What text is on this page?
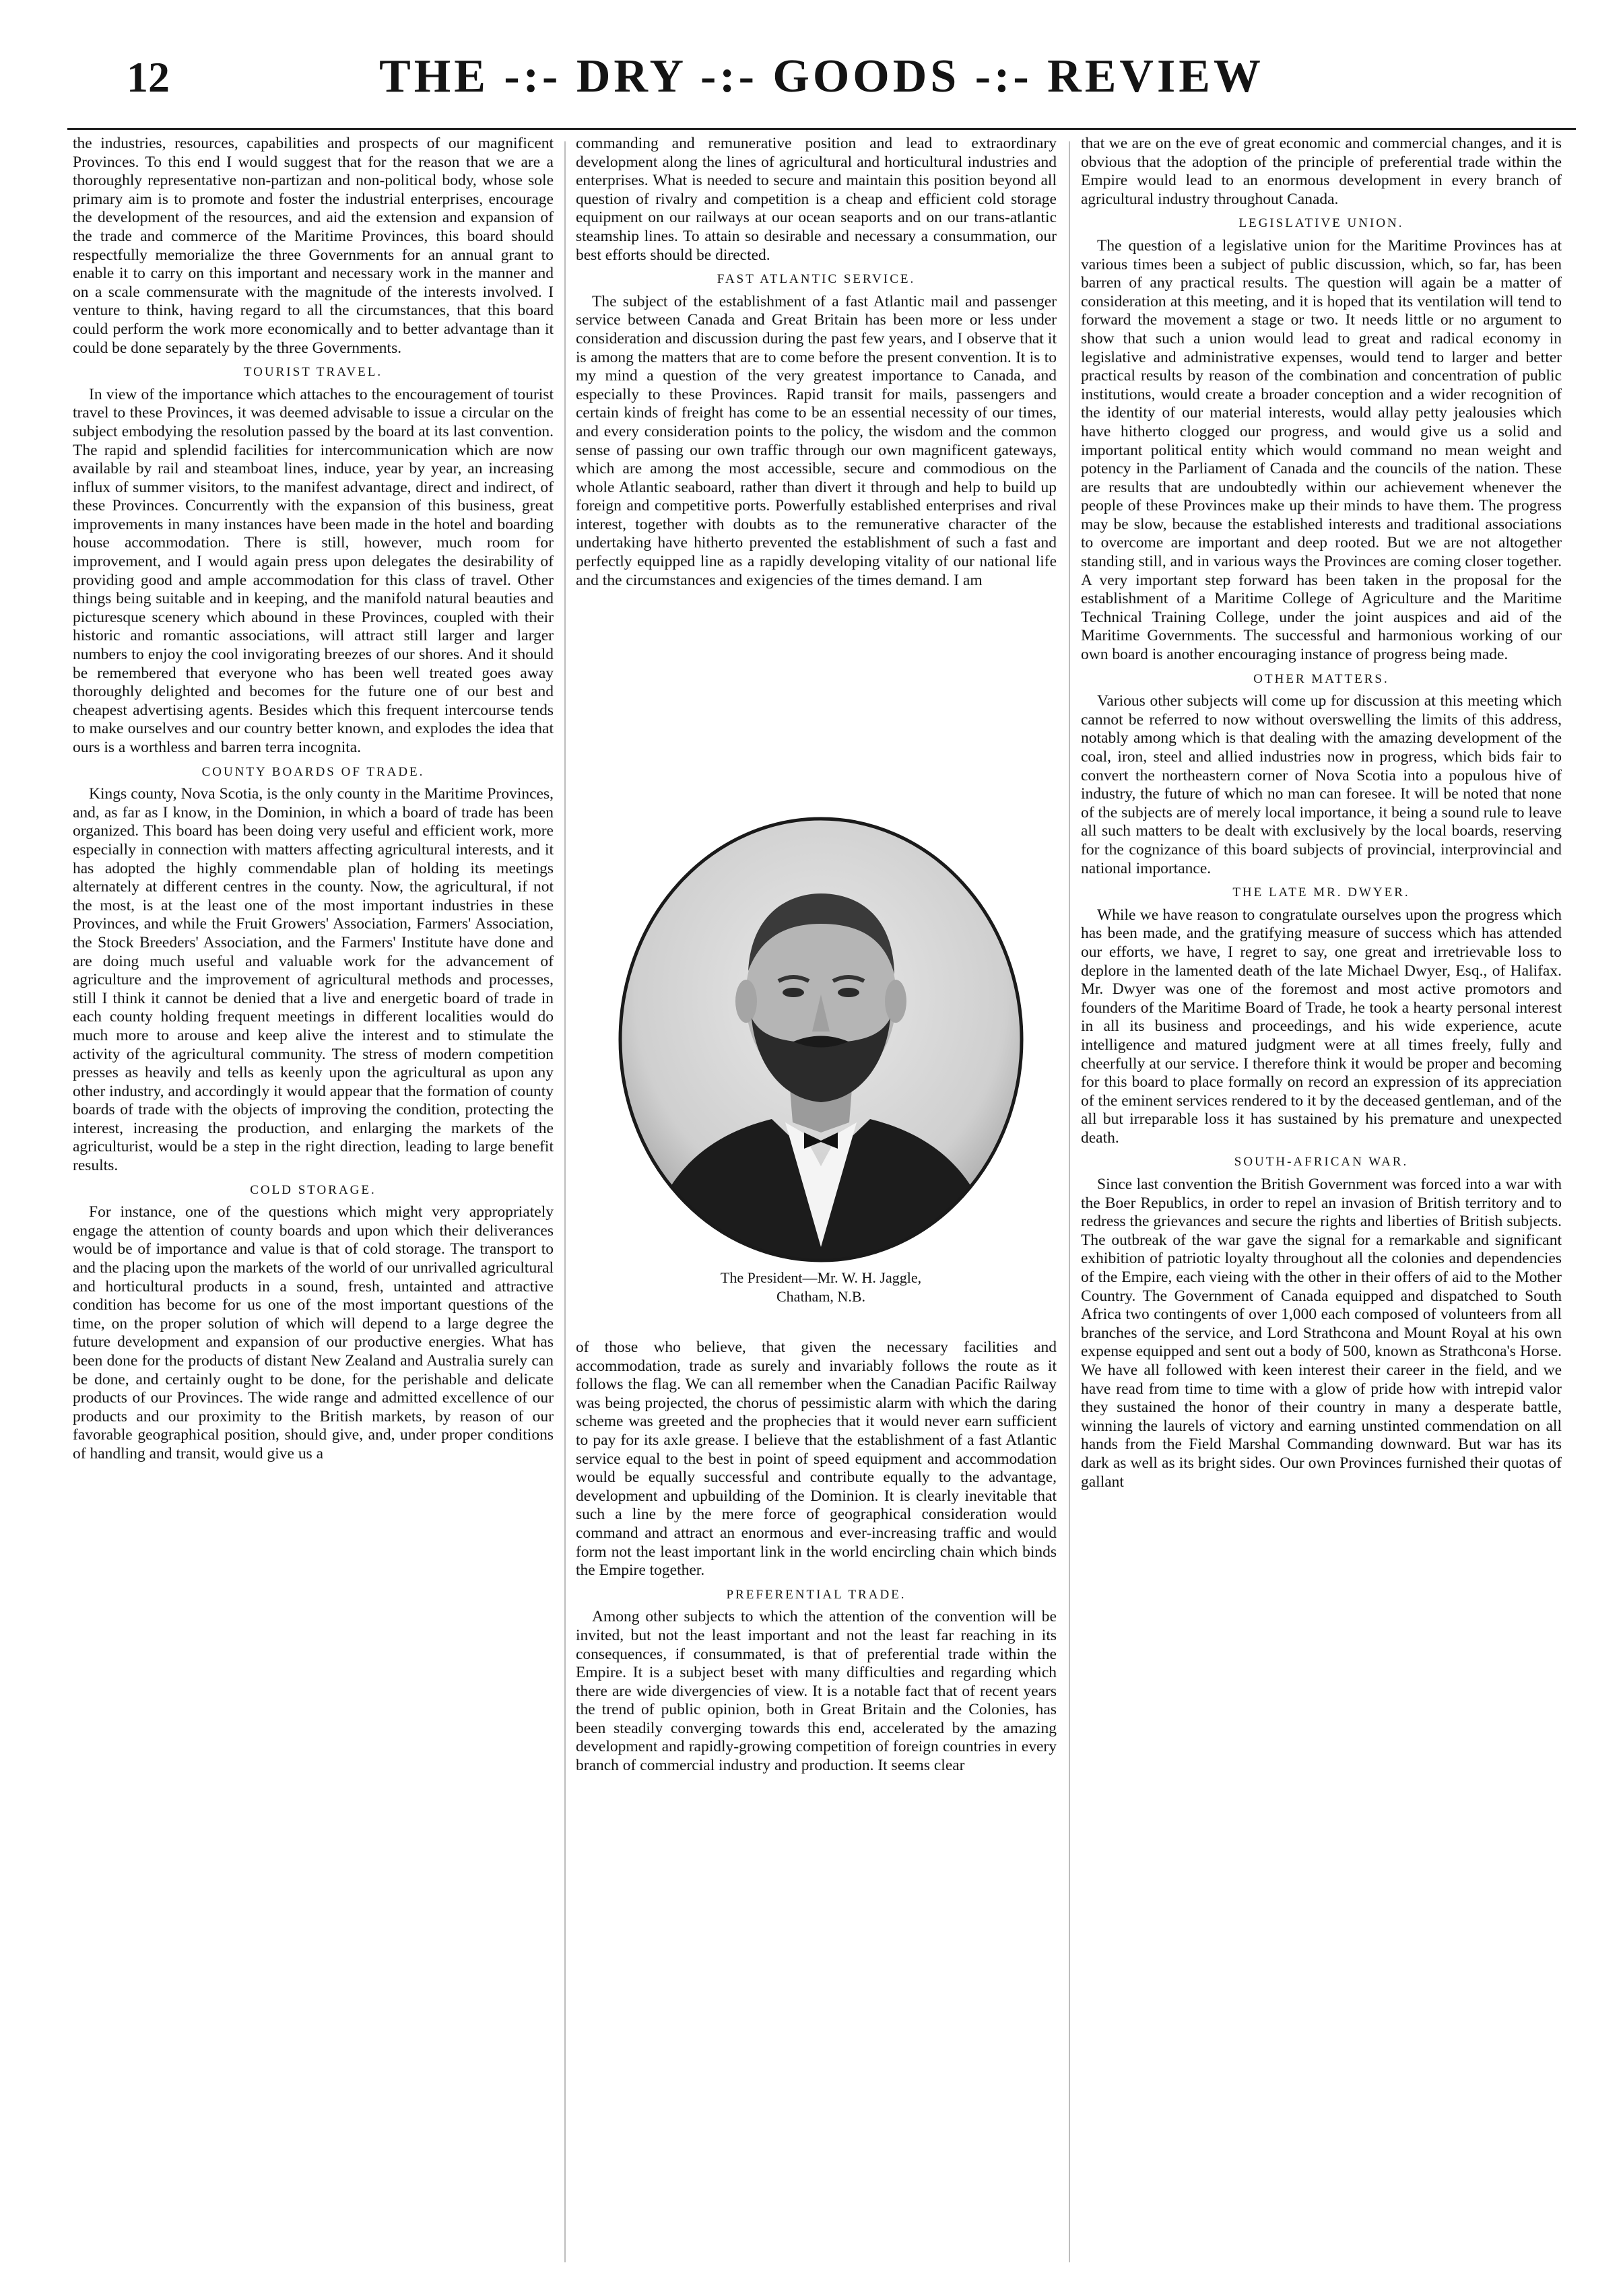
12	THE -:- DRY -:- GOODS -:- REVIEW

the industries, resources, capabilities and prospects of our magnificent Provinces. To this end I would suggest that for the reason that we are a thoroughly representative non-partizan and non-political body, whose sole primary aim is to promote and foster the industrial enterprises, encourage the development of the resources, and aid the extension and expansion of the trade and commerce of the Maritime Provinces, this board should respectfully memorialize the three Governments for an annual grant to enable it to carry on this important and necessary work in the manner and on a scale commensurate with the magnitude of the interests involved. I venture to think, having regard to all the circumstances, that this board could perform the work more economically and to better advantage than it could be done separately by the three Governments.

TOURIST TRAVEL.

In view of the importance which attaches to the encouragement of tourist travel to these Provinces, it was deemed advisable to issue a circular on the subject embodying the resolution passed by the board at its last convention. The rapid and splendid facilities for intercommunication which are now available by rail and steamboat lines, induce, year by year, an increasing influx of summer visitors, to the manifest advantage, direct and indirect, of these Provinces. Concurrently with the expansion of this business, great improvements in many instances have been made in the hotel and boarding house accommodation. There is still, however, much room for improvement, and I would again press upon delegates the desirability of providing good and ample accommodation for this class of travel. Other things being suitable and in keeping, and the manifold natural beauties and picturesque scenery which abound in these Provinces, coupled with their historic and romantic associations, will attract still larger and larger numbers to enjoy the cool invigorating breezes of our shores. And it should be remembered that everyone who has been well treated goes away thoroughly delighted and becomes for the future one of our best and cheapest advertising agents. Besides which this frequent intercourse tends to make ourselves and our country better known, and explodes the idea that ours is a worthless and barren terra incognita.

COUNTY BOARDS OF TRADE.

Kings county, Nova Scotia, is the only county in the Maritime Provinces, and, as far as I know, in the Dominion, in which a board of trade has been organized. This board has been doing very useful and efficient work, more especially in connection with matters affecting agricultural interests, and it has adopted the highly commendable plan of holding its meetings alternately at different centres in the county. Now, the agricultural, if not the most, is at the least one of the most important industries in these Provinces, and while the Fruit Growers' Association, Farmers' Association, the Stock Breeders' Association, and the Farmers' Institute have done and are doing much useful and valuable work for the advancement of agriculture and the improvement of agricultural methods and processes, still I think it cannot be denied that a live and energetic board of trade in each county holding frequent meetings in different localities would do much more to arouse and keep alive the interest and to stimulate the activity of the agricultural community. The stress of modern competition presses as heavily and tells as keenly upon the agricultural as upon any other industry, and accordingly it would appear that the formation of county boards of trade with the objects of improving the condition, protecting the interest, increasing the production, and enlarging the markets of the agriculturist, would be a step in the right direction, leading to large benefit results.

COLD STORAGE.

For instance, one of the questions which might very appropriately engage the attention of county boards and upon which their deliverances would be of importance and value is that of cold storage. The transport to and the placing upon the markets of the world of our unrivalled agricultural and horticultural products in a sound, fresh, untainted and attractive condition has become for us one of the most important questions of the time, on the proper solution of which will depend to a large degree the future development and expansion of our productive energies. What has been done for the products of distant New Zealand and Australia surely can be done, and certainly ought to be done, for the perishable and delicate products of our Provinces. The wide range and admitted excellence of our products and our proximity to the British markets, by reason of our favorable geographical position, should give, and, under proper conditions of handling and transit, would give us a

commanding and remunerative position and lead to extraordinary development along the lines of agricultural and horticultural industries and enterprises. What is needed to secure and maintain this position beyond all question of rivalry and competition is a cheap and efficient cold storage equipment on our railways at our ocean seaports and on our trans-atlantic steamship lines. To attain so desirable and necessary a consummation, our best efforts should be directed.

FAST ATLANTIC SERVICE.

The subject of the establishment of a fast Atlantic mail and passenger service between Canada and Great Britain has been more or less under consideration and discussion during the past few years, and I observe that it is among the matters that are to come before the present convention. It is to my mind a question of the very greatest importance to Canada, and especially to these Provinces. Rapid transit for mails, passengers and certain kinds of freight has come to be an essential necessity of our times, and every consideration points to the policy, the wisdom and the common sense of passing our own traffic through our own magnificent gateways, which are among the most accessible, secure and commodious on the whole Atlantic seaboard, rather than divert it through and help to build up foreign and competitive ports. Powerfully established enterprises and rival interest, together with doubts as to the remunerative character of the undertaking have hitherto prevented the establishment of such a fast and perfectly equipped line as a rapidly developing vitality of our national life and the circumstances and exigencies of the times demand. I am

The President—Mr. W. H. Jaggle,
Chatham, N.B.

of those who believe, that given the necessary facilities and accommodation, trade as surely and invariably follows the route as it follows the flag. We can all remember when the Canadian Pacific Railway was being projected, the chorus of pessimistic alarm with which the daring scheme was greeted and the prophecies that it would never earn sufficient to pay for its axle grease. I believe that the establishment of a fast Atlantic service equal to the best in point of speed equipment and accommodation would be equally successful and contribute equally to the advantage, development and upbuilding of the Dominion. It is clearly inevitable that such a line by the mere force of geographical consideration would command and attract an enormous and ever-increasing traffic and would form not the least important link in the world encircling chain which binds the Empire together.

PREFERENTIAL TRADE.

Among other subjects to which the attention of the convention will be invited, but not the least important and not the least far reaching in its consequences, if consummated, is that of preferential trade within the Empire. It is a subject beset with many difficulties and regarding which there are wide divergencies of view. It is a notable fact that of recent years the trend of public opinion, both in Great Britain and the Colonies, has been steadily converging towards this end, accelerated by the amazing development and rapidly-growing competition of foreign countries in every branch of commercial industry and production. It seems clear

that we are on the eve of great economic and commercial changes, and it is obvious that the adoption of the principle of preferential trade within the Empire would lead to an enormous development in every branch of agricultural industry throughout Canada.

LEGISLATIVE UNION.

The question of a legislative union for the Maritime Provinces has at various times been a subject of public discussion, which, so far, has been barren of any practical results. The question will again be a matter of consideration at this meeting, and it is hoped that its ventilation will tend to forward the movement a stage or two. It needs little or no argument to show that such a union would lead to great and radical economy in legislative and administrative expenses, would tend to larger and better practical results by reason of the combination and concentration of public institutions, would create a broader conception and a wider recognition of the identity of our material interests, would allay petty jealousies which have hitherto clogged our progress, and would give us a solid and important political entity which would command no mean weight and potency in the Parliament of Canada and the councils of the nation. These are results that are undoubtedly within our achievement whenever the people of these Provinces make up their minds to have them. The progress may be slow, because the established interests and traditional associations to overcome are important and deep rooted. But we are not altogether standing still, and in various ways the Provinces are coming closer together. A very important step forward has been taken in the proposal for the establishment of a Maritime College of Agriculture and the Maritime Technical Training College, under the joint auspices and aid of the Maritime Governments. The successful and harmonious working of our own board is another encouraging instance of progress being made.

OTHER MATTERS.

Various other subjects will come up for discussion at this meeting which cannot be referred to now without overswelling the limits of this address, notably among which is that dealing with the amazing development of the coal, iron, steel and allied industries now in progress, which bids fair to convert the northeastern corner of Nova Scotia into a populous hive of industry, the future of which no man can foresee. It will be noted that none of the subjects are of merely local importance, it being a sound rule to leave all such matters to be dealt with exclusively by the local boards, reserving for the cognizance of this board subjects of provincial, interprovincial and national importance.

THE LATE MR. DWYER.

While we have reason to congratulate ourselves upon the progress which has been made, and the gratifying measure of success which has attended our efforts, we have, I regret to say, one great and irretrievable loss to deplore in the lamented death of the late Michael Dwyer, Esq., of Halifax. Mr. Dwyer was one of the foremost and most active promotors and founders of the Maritime Board of Trade, he took a hearty personal interest in all its business and proceedings, and his wide experience, acute intelligence and matured judgment were at all times freely, fully and cheerfully at our service. I therefore think it would be proper and becoming for this board to place formally on record an expression of its appreciation of the eminent services rendered to it by the deceased gentleman, and of the all but irreparable loss it has sustained by his premature and unexpected death.

SOUTH-AFRICAN WAR.

Since last convention the British Government was forced into a war with the Boer Republics, in order to repel an invasion of British territory and to redress the grievances and secure the rights and liberties of British subjects. The outbreak of the war gave the signal for a remarkable and significant exhibition of patriotic loyalty throughout all the colonies and dependencies of the Empire, each vieing with the other in their offers of aid to the Mother Country. The Government of Canada equipped and dispatched to South Africa two contingents of over 1,000 each composed of volunteers from all branches of the service, and Lord Strathcona and Mount Royal at his own expense equipped and sent out a body of 500, known as Strathcona's Horse. We have all followed with keen interest their career in the field, and we have read from time to time with a glow of pride how with intrepid valor they sustained the honor of their country in many a desperate battle, winning the laurels of victory and earning unstinted commendation on all hands from the Field Marshal Commanding downward. But war has its dark as well as its bright sides. Our own Provinces furnished their quotas of gallant
